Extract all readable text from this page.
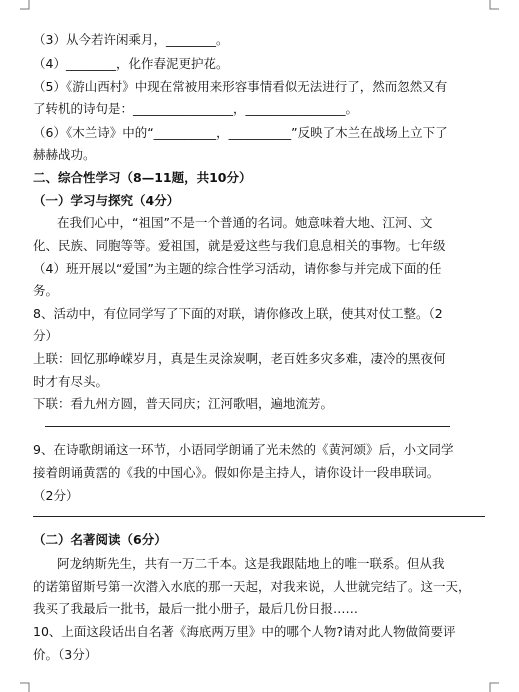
（3）从今若许闲乘月，________。
（4）________，化作春泥更护花。
（5）《游山西村》中现在常被用来形容事情看似无法进行了，然而忽然又有
了转机的诗句是：________________，________________。
（6）《木兰诗》中的“__________，__________”反映了木兰在战场上立下了
赫赫战功。
二、综合性学习（8—11题，共10分）
（一）学习与探究（4分）
在我们心中，“祖国”不是一个普通的名词。她意味着大地、江河、文
化、民族、同胞等等。爱祖国，就是爱这些与我们息息相关的事物。七年级
（4）班开展以“爱国”为主题的综合性学习活动，请你参与并完成下面的任
务。
8、活动中，有位同学写了下面的对联，请你修改上联，使其对仗工整。（2
分）
上联：回忆那峥嵘岁月，真是生灵涂炭啊，老百姓多灾多难，凄冷的黑夜何
时才有尽头。
下联：看九州方圆，普天同庆；江河歌唱，遍地流芳。
9、在诗歌朗诵这一环节，小语同学朗诵了光未然的《黄河颂》后，小文同学
接着朗诵黄霑的《我的中国心》。假如你是主持人，请你设计一段串联词。
（2分）
（二）名著阅读（6分）
阿龙纳斯先生，共有一万二千本。这是我跟陆地上的唯一联系。但从我
的诺第留斯号第一次潜入水底的那一天起，对我来说，人世就完结了。这一天，
我买了我最后一批书，最后一批小册子，最后几份日报……
10、上面这段话出自名著《海底两万里》中的哪个人物?请对此人物做简要评
价。（3分）
